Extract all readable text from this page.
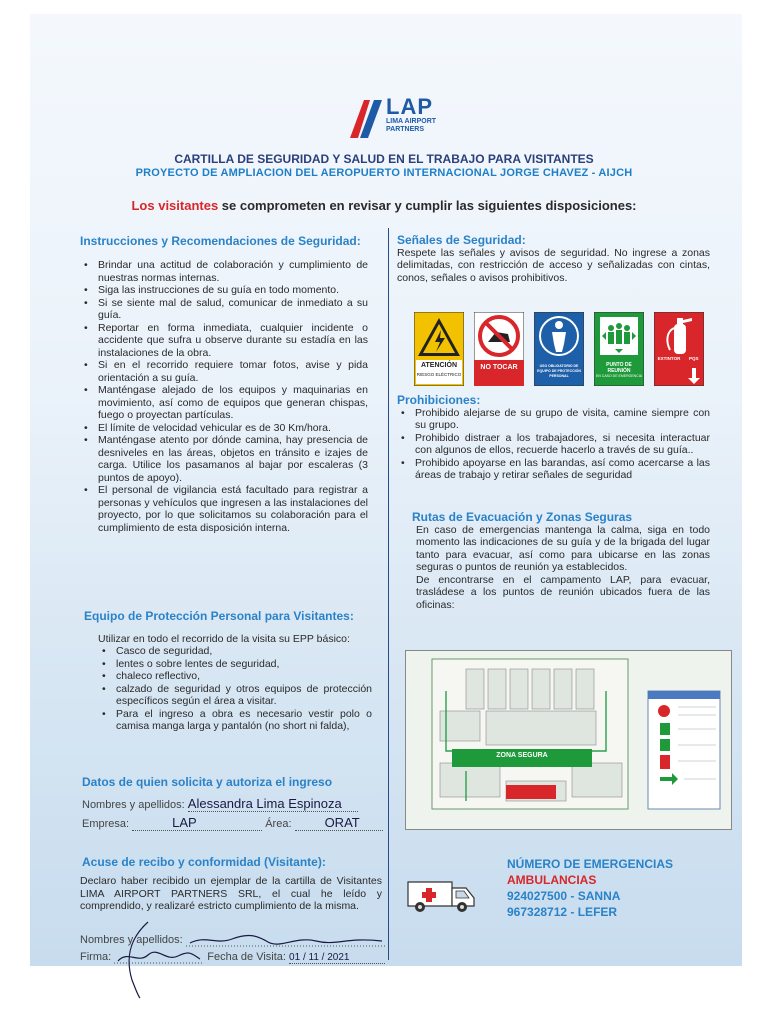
LAP
LIMA AIRPORT
PARTNERS
CARTILLA DE SEGURIDAD Y SALUD EN EL TRABAJO PARA VISITANTES
PROYECTO DE AMPLIACION DEL AEROPUERTO INTERNACIONAL JORGE CHAVEZ - AIJCH
Los visitantes se comprometen en revisar y cumplir las siguientes disposiciones:
Instrucciones y Recomendaciones de Seguridad:
• Brindar una actitud de colaboración y cumplimiento de nuestras normas internas.
• Siga las instrucciones de su guía en todo momento.
• Si se siente mal de salud, comunicar de inmediato a su guía.
• Reportar en forma inmediata, cualquier incidente o accidente que sufra u observe durante su estadía en las instalaciones de la obra.
• Si en el recorrido requiere tomar fotos, avise y pida orientación a su guía.
• Manténgase alejado de los equipos y maquinarias en movimiento, así como de equipos que generan chispas, fuego o proyectan partículas.
• El límite de velocidad vehicular es de 30 Km/hora.
• Manténgase atento por dónde camina, hay presencia de desniveles en las áreas, objetos en tránsito e izajes de carga. Utilice los pasamanos al bajar por escaleras (3 puntos de apoyo).
• El personal de vigilancia está facultado para registrar a personas y vehículos que ingresen a las instalaciones del proyecto, por lo que solicitamos su colaboración para el cumplimiento de esta disposición interna.
Equipo de Protección Personal para Visitantes:
Utilizar en todo el recorrido de la visita su EPP básico:
• Casco de seguridad,
• lentes o sobre lentes de seguridad,
• chaleco reflectivo,
• calzado de seguridad y otros equipos de protección específicos según el área a visitar.
• Para el ingreso a obra es necesario vestir polo o camisa manga larga y pantalón (no short ni falda),
Datos de quien solicita y autoriza el ingreso
Nombres y apellidos: Alessandra Lima Espinoza
Empresa:	LAP	Área:	ORAT
Acuse de recibo y conformidad (Visitante):
Declaro haber recibido un ejemplar de la cartilla de Visitantes LIMA AIRPORT PARTNERS SRL, el cual he leído y comprendido, y realizaré estricto cumplimiento de la misma.
Nombres y apellidos:
Firma:	Fecha de Visita: 01 / 11 / 2021
Señales de Seguridad:
Respete las señales y avisos de seguridad. No ingrese a zonas delimitadas, con restricción de acceso y señalizadas con cintas, conos, señales o avisos prohibitivos.
ATENCIÓN
RIESGO ELÉCTRICO
NO TOCAR	USO OBLIGATORIO DE EQUIPO DE PROTECCIÓN PERSONAL
PUNTO DE REUNIÓN
EN CASO DE EMERGENCIA
EXTINTOR	PQS
Prohibiciones:
• Prohibido alejarse de su grupo de visita, camine siempre con su grupo.
• Prohibido distraer a los trabajadores, si necesita interactuar con algunos de ellos, recuerde hacerlo a través de su guía..
• Prohibido apoyarse en las barandas, así como acercarse a las áreas de trabajo y retirar señales de seguridad
Rutas de Evacuación y Zonas Seguras
En caso de emergencias mantenga la calma, siga en todo momento las indicaciones de su guía y de la brigada del lugar tanto para evacuar, así como para ubicarse en las zonas seguras o puntos de reunión ya establecidos.
De encontrarse en el campamento LAP, para evacuar, trasládese a los puntos de reunión ubicados fuera de las oficinas:
ZONA SEGURA
NÚMERO DE EMERGENCIAS
AMBULANCIAS
924027500 - SANNA
967328712 - LEFER
